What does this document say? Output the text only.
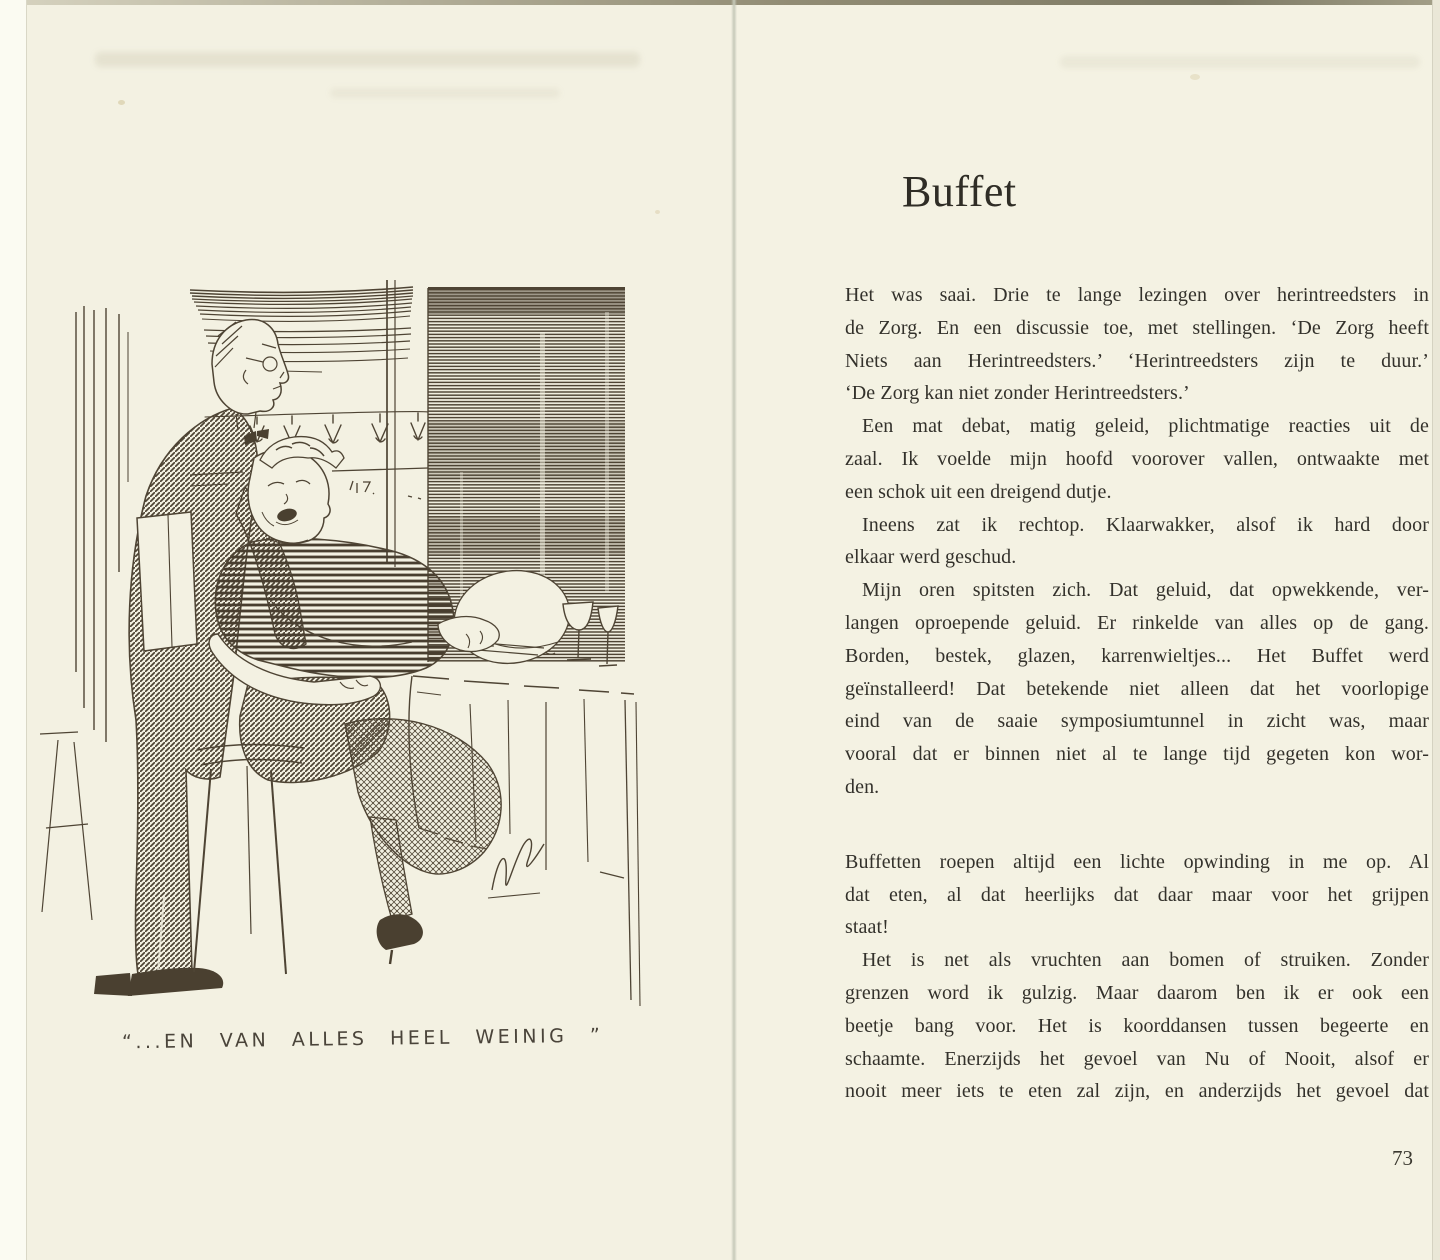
“...EN VAN ALLES HEEL WEINIG ”
Buffet
Het was saai. Drie te lange lezingen over herintreedsters in
de Zorg. En een discussie toe, met stellingen. ‘De Zorg heeft
Niets aan Herintreedsters.’ ‘Herintreedsters zijn te duur.’
‘De Zorg kan niet zonder Herintreedsters.’
Een mat debat, matig geleid, plichtmatige reacties uit de
zaal. Ik voelde mijn hoofd voorover vallen, ontwaakte met
een schok uit een dreigend dutje.
Ineens zat ik rechtop. Klaarwakker, alsof ik hard door
elkaar werd geschud.
Mijn oren spitsten zich. Dat geluid, dat opwekkende, ver-
langen oproepende geluid. Er rinkelde van alles op de gang.
Borden, bestek, glazen, karrenwieltjes... Het Buffet werd
geïnstalleerd! Dat betekende niet alleen dat het voorlopige
eind van de saaie symposiumtunnel in zicht was, maar
vooral dat er binnen niet al te lange tijd gegeten kon wor-
den.
Buffetten roepen altijd een lichte opwinding in me op. Al
dat eten, al dat heerlijks dat daar maar voor het grijpen
staat!
Het is net als vruchten aan bomen of struiken. Zonder
grenzen word ik gulzig. Maar daarom ben ik er ook een
beetje bang voor. Het is koorddansen tussen begeerte en
schaamte. Enerzijds het gevoel van Nu of Nooit, alsof er
nooit meer iets te eten zal zijn, en anderzijds het gevoel dat
73
